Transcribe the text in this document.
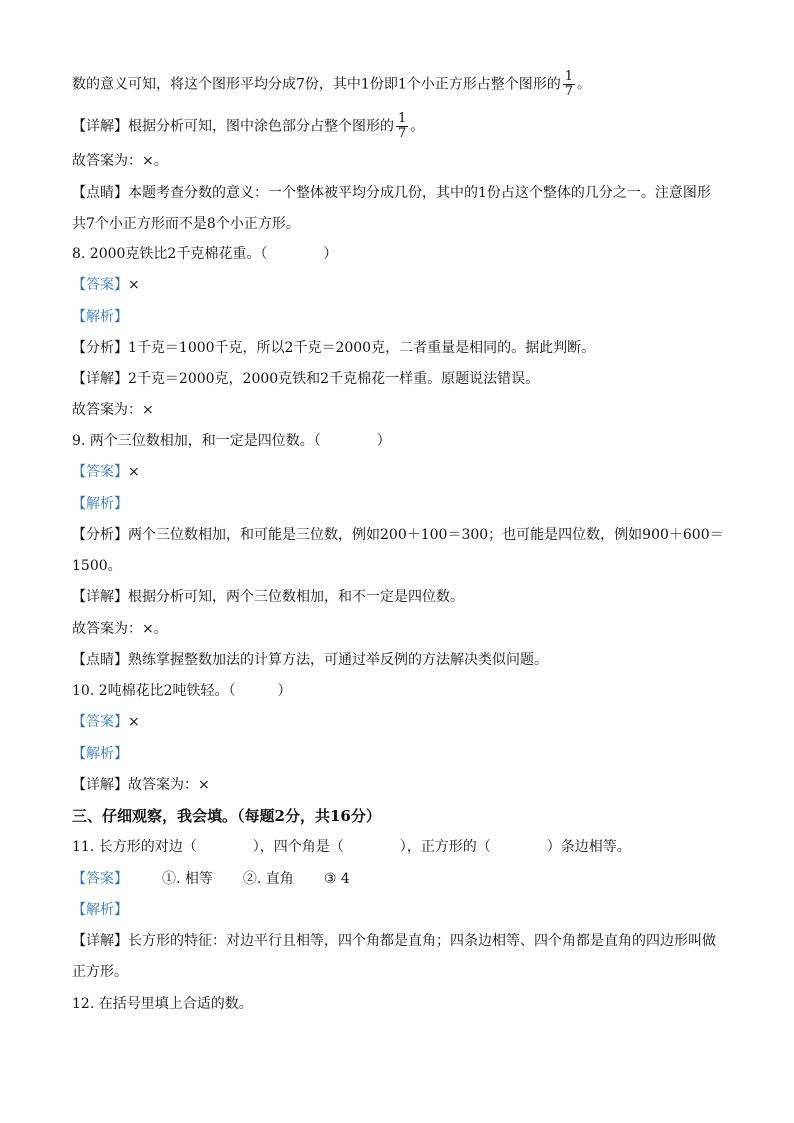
数的意义可知，将这个图形平均分成7份，其中1份即1个小正方形占整个图形的 $\frac{1}{7}$ 。
【详解】根据分析可知，图中涂色部分占整个图形的 $\frac{1}{7}$ 。
故答案为：×。
【点睛】本题考查分数的意义：一个整体被平均分成几份，其中的1份占这个整体的几分之一。注意图形
共7个小正方形而不是8个小正方形。
8. 2000克铁比2千克棉花重。（　　　　）
【答案】×
【解析】
【分析】1千克＝1000千克，所以2千克＝2000克，二者重量是相同的。据此判断。
【详解】2千克＝2000克，2000克铁和2千克棉花一样重。原题说法错误。
故答案为：×
9. 两个三位数相加，和一定是四位数。（　　　　）
【答案】×
【解析】
【分析】两个三位数相加，和可能是三位数，例如200＋100＝300；也可能是四位数，例如900＋600＝
1500。
【详解】根据分析可知，两个三位数相加，和不一定是四位数。
故答案为：×。
【点睛】熟练掌握整数加法的计算方法，可通过举反例的方法解决类似问题。
10. 2吨棉花比2吨铁轻。（　　　）
【答案】×
【解析】
【详解】故答案为：×
三、仔细观察，我会填。（每题2分，共16分）
11. 长方形的对边（　　　　），四个角是（　　　　），正方形的（　　　　）条边相等。
【答案】 ①. 相等 ②. 直角 ③ 4
【解析】
【详解】长方形的特征：对边平行且相等，四个角都是直角；四条边相等、四个角都是直角的四边形叫做
正方形。
12. 在括号里填上合适的数。
